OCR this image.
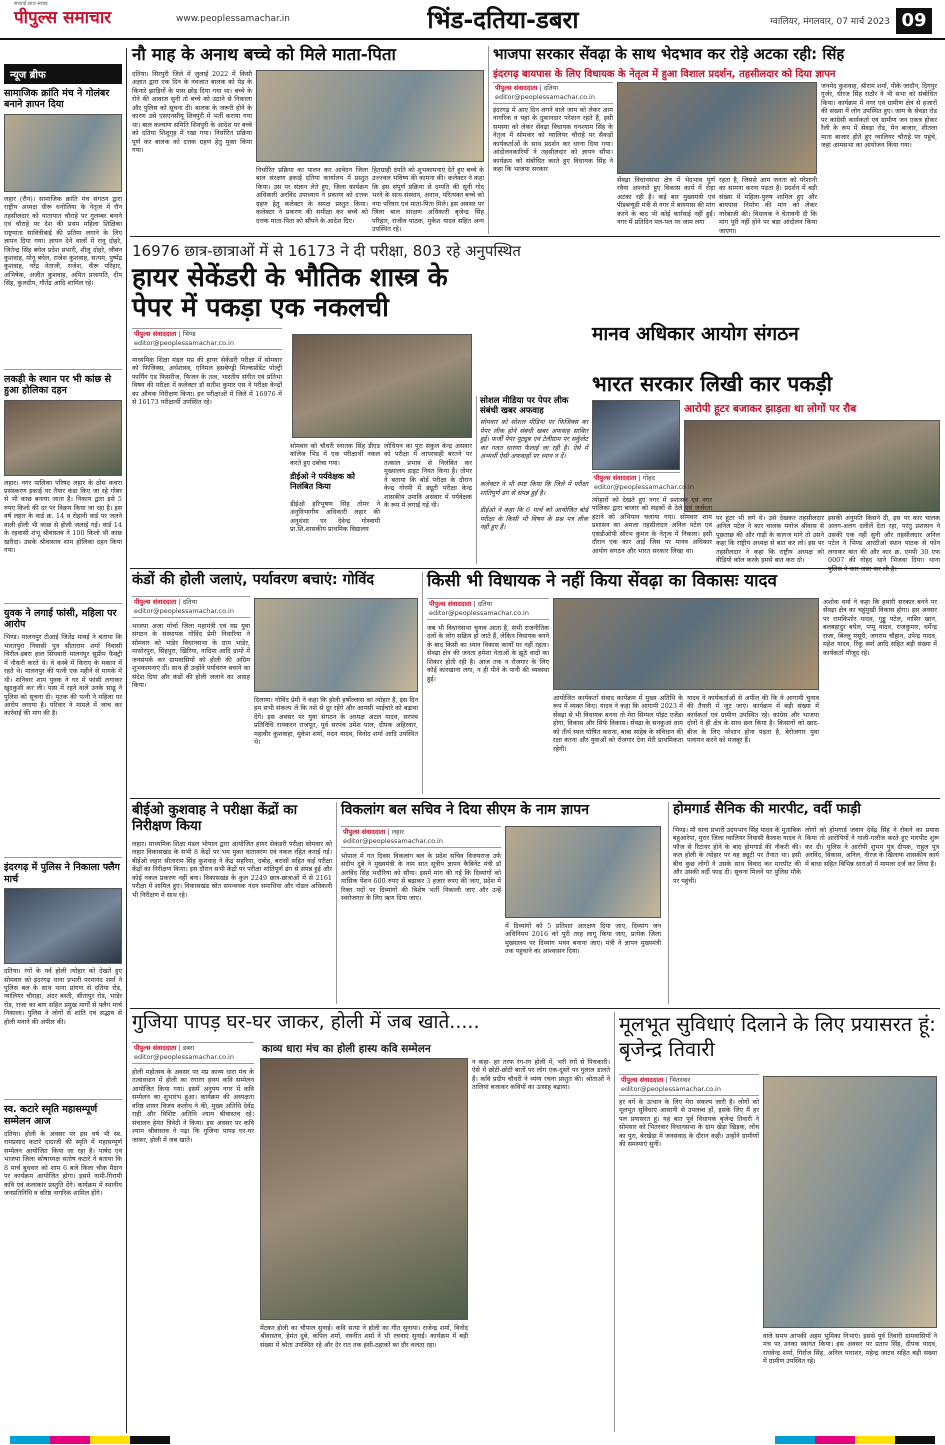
पीपुल्स समाचार
सच्चाई साथ सचाइ
www.peoplessamachar.in	भिंड-दतिया-डबरा	ग्वालियर, मंगलवार, 07 मार्च 2023 09
न्यूज ब्रीफ
सामाजिक क्रांति मंच ने गोलंबर बनाने ज्ञापन दिया
लहार (रौन)। सामाजिक क्रांति मंच संगठन द्वारा राष्ट्रीय अध्यक्ष धीरू धनोलिया के नेतृत्व में रौन तहसीलदार को यातायात चौराहे पर गुलम्बर बनाने एवं चौराहे पर देश की प्रथम महिला शिक्षिका राष्ट्रमाता सावित्रीबाई की प्रतिमा लगाने के लिए ज्ञापन दिया गया। ज्ञापन देने वालों में रानू दोहरे, जितेन्द्र सिंह बघेल प्रदेश प्रभारी, शीलू दोहरे, जीवन कुशवाह, मोनू बघेल, राजेश कुशवाह, सत्यम, पुष्पेंद्र कुशवाह, नरेंद्र नेताजी, राजेश, वीरू परिहार, अभिषेक, अजीत कुशवाह, अमित प्रजापति, दीप सिंह, कुलदीप, गौतेंद्र आदि शामिल रहे।
लकड़ी के स्थान पर भी कांछ से हुआ होलिका दहन
लहार। नगर पालिका परिषद लहार के ठोस कचरा प्रसंस्करण इकाई पर तैयार कंडा किए जा रहे गोबर से भी काछ बनाया जाता है। निकाय द्वारा इसे 5 रुपए किलो की दर पर विक्रय किया जा रहा है। इस वर्ष लहार के वार्ड क्र. 14 व रोहानी वार्ड पर जलने वाली होली भी काछ से होली जलाई गई। वार्ड 14 के रहवासी शंभू श्रीवास्तव ने 100 किलो भी काछ खरीदा। उसके श्रीवास्तव शाम होलिका दहन किया गया।
युवक ने लगाई फांसी, महिला पर आरोप
भिण्ड। मालनपुर टीआई जितेंद्र मावई ने बताया कि भारतपुरा निवासी पुत्र सीताराम शर्मा निवासी चिरौल-डबरा हाल सिंघवारी मालनपुर सुप्रीम फैक्ट्री में नौकरी करते थे। वे कस्बे में किराए के मकान में रहते थे। मालनपुर की पत्नी एक महीने से मायके में थी। शनिवार शाम युवक ने घर में फांसी लगाकर खुदकुशी कर ली। पास में रहने वाले उनके साढू ने पुलिस को सूचना दी। मृतक की पत्नी ने महिला पर आरोप लगाया है। परिवार ने मामले में जांच कर कार्रवाई की मांग की है।
इंदरगढ़ में पुलिस ने निकाला फ्लैग मार्च
दतिया। रंगों के पर्व होली त्योहार को देखते हुए सोमवार को इंदरगढ़ थाना प्रभारी परमानंद शर्मा ने पुलिस बल के साथ थाना प्रांगण से दतिया रोड, ग्वालियर चौराहा, अंदर बस्ती, सीतापुर रोड, भांडेर रोड, राजा का बाग सहित प्रमुख मार्गों से फ्लैग मार्च निकाला। पुलिस ने लोगों से शांति एवं सद्भाव से होली मनाने की अपील की।
स्व. कटारे स्मृति महासम्पूर्ण सम्मेलन आज
दतिया। होली के अवसर पर इस वर्ष भी स्व. रामप्रसाद कटारे दादाजी की स्मृति में महासम्पूर्ण सम्मेलन आयोजित किया जा रहा है। पार्षद एवं भाजपा जिला कोषाध्यक्ष संतोष कटारे ने बताया कि 8 मार्च बुधवार को शाम 6 बजे किला चौक मैदान पर कार्यक्रम आयोजित होगा। इसमें नामी-गिरामी कवि एवं कलाकार प्रस्तुति देंगे। कार्यक्रम में स्थानीय जनप्रतिनिधि व वरिष्ठ नागरिक शामिल होंगे।
नौ माह के अनाथ बच्चे को मिले माता-पिता
दतिया। सिरपुरी जिले में जुलाई 2022 में किसी अज्ञात द्वारा एक दिन के नवजात बालक को पेड़ के किनारे झाड़ियों के पास छोड़ दिया गया था। बच्चे के रोने की आवाज सुनी तो बच्चे को उठाने से निकाला और पुलिस को सूचना दी। बालक के जरूरी होने के कारण उसे एसएनसीयू शिवपुरी में भर्ती कराया गया था। बाल कल्याण समिति शिवपुरी के आदेश पर बच्चे को दतिया शिशुगृह में रखा गया। निर्धारित प्रक्रिया पूर्ण कर बालक को दत्तक ग्रहण हेतु मुक्त किया गया।
निर्धारित प्रक्रिया का पालन कर आवेदन जिला बाल संरक्षण इकाई दतिया कार्यालय में प्रस्तुत किया। उस पर संज्ञान लेते हुए, जिला कार्यक्रम अधिकारी अरविंद उपाध्याय ने प्रकरण को दत्तक ग्रहण हेतु कलेक्टर के समक्ष प्रस्तुत किया। कलेक्टर ने प्रकरण की समीक्षा कर बच्चे को दत्तक माता-पिता को सौंपने के आदेश दिए।
हितग्राही दंपति को शुभकामनाएं देते हुए बच्चे के उज्ज्वल भविष्य की कामना की। कलेक्टर ने कहा कि इस संपूर्ण प्रक्रिया से दम्पति की सूनी गोद भरने के साथ संस्थान, अनाथ, परित्यक्त बच्चे को नया परिवार एवं माता-पिता मिले। इस अवसर पर जिला बाल संरक्षण अधिकारी बृजेन्द्र सिंह परिहार, राजीव पाठक, मुकेश यादव सहित अन्य उपस्थित रहे।
भाजपा सरकार सेंवढ़ा के साथ भेदभाव कर रोड़े अटका रही: सिंह
इंदरगढ़ बायपास के लिए विधायक के नेतृत्व में हुआ विशाल प्रदर्शन, तहसीलदार को दिया ज्ञापन
पीपुल्स संवाददाता | दतिया
editor@peoplessamachar.co.in
इंदरगढ़ में आए दिन लगने वाले जाम को लेकर आम नागरिक व यहां के दुकानदार परेशान रहते हैं, इसी समस्या को लेकर सेंवढ़ा विधायक घनश्याम सिंह के नेतृत्व में सोमवार को ग्वालियर चौराहे पर सैकड़ों कार्यकर्ताओं के साथ प्रदर्शन कर धरना दिया गया। आंदोलनकारियों ने तहसीलदार को ज्ञापन सौंपा। कार्यक्रम को संबोधित करते हुए विधायक सिंह ने कहा कि भाजपा सरकार
सेंवढ़ा विधानसभा क्षेत्र में भेदभाव पूर्ण रवैया अपनाते हुए विकास कार्य में रोड़ा अटका रही है। कई बार मुख्यमंत्री एवं पीडब्ल्यूडी मंत्री से नगर में बायपास की मांग करने के बाद भी कोई कार्रवाई नहीं हुई। नगर में प्रतिदिन पल-पल पर जाम लगा
रहता है, जिससे आम जनता को परेशानी का सामना करना पड़ता है। प्रदर्शन में बड़ी संख्या में महिला-पुरुष शामिल हुए और बायपास निर्माण की मांग को लेकर नारेबाजी की। विधायक ने चेतावनी दी कि मांग पूरी नहीं होने पर बड़ा आंदोलन किया जाएगा।
जनमेद कुशवाह, श्रीराम शर्मा, पीके जादौन, दिगपुर गुर्जर, धीरज सिंह राठौर ने भी सभा को संबोधित किया। कार्यक्रम में नगर एवं ग्रामीण क्षेत्र से हजारों की संख्या में लोग उपस्थित हुए। जाम के सेवड़ा रोड पर कांग्रेसी कार्यकर्ता एवं ग्रामीण जन एकत्र होकर रैली के रूप में सेवड़ा रोड, मेन बाजार, शीतला माता बाजार होते हुए ग्वालियर चौराहे पर पहुंचे, जहां आमसभा का आयोजन किया गया।
16976 छात्र-छात्राओं में से 16173 ने दी परीक्षा, 803 रहे अनुपस्थित
हायर सेकेंडरी के भौतिक शास्त्र के पेपर में पकड़ा एक नकलची
पीपुल्स संवाददाता | भिण्ड
editor@peoplessamachar.co.in
माध्यमिक शिक्षा मंडल मप्र की हायर सेकेंडरी परीक्षा में सोमवार को फिजिक्स, अर्थशास्त्र, एनिमल हसबेण्ड्री मिल्कप्रोडेट पोल्ट्री फार्मिंग एंड फिसरीज, फिजन के तत्व, भारतीय संगीत एवं प्रतिभा विषय की परीक्षा में कलेक्टर डॉ सतीश कुमार एस ने परीक्षा केन्द्रों का औचक निरीक्षण किया। इन परीक्षाओं में जिले में 16976 में से 16173 परीक्षार्थी उपस्थित रहे।
सोमवार को चौधरी स्नातक सिंह डीएड कॉलेज भिंड में एक परीक्षार्थी नकल करते हुए दबोचा गया।
डीईओ ने पर्यवेक्षक को निलंबित किया
डीईओ हरिभूषण सिंह तोमर ने अनुविभागीय अधिकारी लहार की अनुशंसा पर देवेन्द्र गोस्वामी प्रा.शि.शासकीय प्राथमिक विद्यालय
लोधियन का पुरा संकुल केन्द्र असवार को परीक्षा में लापरवाही बरतने पर तत्काल प्रभाव से निलंबित कर मुख्यालय डाइट नियत किया है। तोमर ने बताया कि बोर्ड परीक्षा के दौरान केन्द्र गोरमी में ड्यूटी परीक्षा केन्द्र शासकीय उमावि असवार में पर्यवेक्षक के रूप में लगाई गई थी।
सोशल मीडिया पर पेपर लीक संबंधी खबर अफवाह
सोमवार को सोशल मीडिया पर फिजिक्स का पेपर लीक होने संबंधी खबर अफवाह साबित हुई। फर्जी पेपर यूट्यूब एवं टेलीग्राम पर सर्कुलेट कर गलत धारणा फैलाई जा रही है। ऐसे में अभ्यर्थी ऐसी अफवाहों पर ध्यान न दें।
कलेक्टर ने भी स्पष्ट किया कि जिले में परीक्षा शांतिपूर्ण ढंग से संपन्न हुई है।
डीईओ ने कहा कि 6 मार्च को आयोजित बोर्ड परीक्षा के किसी भी विषय के प्रश्न पत्र लीक नहीं हुए हैं।
मानव अधिकार आयोग संगठन
भारत सरकार लिखी कार पकड़ी
आरोपी हूटर बजाकर झाड़ता था लोगों पर रौब
पीपुल्स संवाददाता | गोहद
editor@peoplessamachar.co.in
त्योहारों को देखते हुए नगर में प्रशासन एवं नगर पालिका द्वारा बाजार को सड़कों से ठेले एवं जर्जरता हटाने को अभियान चलाया गया। सोमवार शाम प्रशासन का अमला तहसीलदार अनिल पटेल एवं एसडीओपी सौरभ कुमार के नेतृत्व में निकला। इसी दौरान एक कार आई जिस पर मानव अधिकार आयोग संगठन और भारत सरकार लिखा था।
पर हूटर भी लगे थे। उसे देखकर तहसीलदार अनिल पटेल ने कार चालक मनोज श्रीवास से पूछताछ की और गाड़ी के कागज मांगे तो उसने कहा कि राष्ट्रीय अध्यक्ष से बात कर लो। इस पर तहसीलदार ने कहा कि राष्ट्रीय अध्यक्ष को वीडियो कॉल करके हमसे बात करा दो।
इसकी अनुमति किसने दी, इस पर कार चालक अलग-अलग दलीलें देता रहा, परंतु प्रशासन ने उसकी एक नहीं सुनी और तहसीलदार अनिल पटेल ने भिण्ड आरटीओ स्थान पाठक से फोन लगाकर बात की और कार क्र. एमपी 30 एफ 0007 की गोहद थाने भिजवा दिया। थाना
कंडों की होली जलाएं, पर्यावरण बचाएं: गोविंद
पीपुल्स संवाददाता | दतिया
editor@peoplessamachar.co.in
भाजपा अजा मोर्चा जिला महामंत्री एवं मप्र युवा संगठन के संस्थापक गोविंद प्रेमी निवारिया ने सोमवार को भांडेर विधानसभा के ग्राम भांडेर, मासोरपुरा, सिंहपुरा, खिरिया, नादिया आदि ग्रामों में जनसंपर्क कर ग्रामवासियों को होली की अग्रिम शुभकामनाएं दीं। साथ ही उन्होंने पर्यावरण बचाने का संदेश दिया और कंडों की होली जलाने का आग्रह किया।
दिलाया। गोविंद प्रेमी ने कहा कि होली हर्षोल्लास का त्योहार है, इस दिन हम सभी संकल्प लें कि नशे से दूर रहेंगे और आपसी भाईचारे को बढ़ावा देंगे। इस अवसर पर युवा संगठन के अध्यक्ष अटल यादव, सरपंच प्रतिनिधि रामकरन राजपूत, पूर्व सरपंच उमेश पाल, दीपक अहिरवार, महावीर कुशवाहा, मुकेश शर्मा, मदन यादव, विनोद शर्मा आदि उपस्थित थे।
किसी भी विधायक ने नहीं किया सेंवढ़ा का विकासः यादव
पीपुल्स संवाददाता | दतिया
editor@peoplessamachar.co.in
जब भी विधानसभा चुनाव आता है, सभी राजनीतिक दलों के लोग सक्रिय हो जाते हैं, लेकिन विधायक बनने के बाद किसी का ध्यान विकास कार्यों पर नहीं रहता। सेंवढ़ा क्षेत्र की जनता हमेशा नेताओं के झूठे वादों का शिकार होती रही है। आज तक न रोजगार के लिए कोई कारखाना लगा, न ही पीने के पानी की व्यवस्था हुई।
आयोजित कार्यकर्ता संवाद कार्यक्रम में मुख्य अतिथि के रूप में व्यक्त किए। यादव ने कहा कि आगामी 2023 में सेंवढ़ा से भी विधायक बनना तो मेरा सिम्पल पॉइंट एजेंडा होगा, विकास और सिर्फ विकास। सेंवढ़ा के सनकुआं धाम को तीर्थ स्थल घोषित कराना, बाबा साहेब के संविधान की रक्षा करना और युवाओं को रोजगार देना मेरी प्राथमिकता रहेगी।
यादव ने कार्यकर्ताओं से अपील की कि वे आगामी चुनाव की तैयारी में जुट जाएं। कार्यक्रम में बड़ी संख्या में कार्यकर्ता एवं ग्रामीण उपस्थित रहे। कांग्रेस और भाजपा दोनों ने ही क्षेत्र के साथ छल किया है। किसानों को खाद-बीज के लिए परेशान होना पड़ता है, बेरोजगार युवा पलायन करने को मजबूर हैं।
अशोक वर्मा ने कहा कि हमारी सरकार बनने पर सेंवढ़ा क्षेत्र का चहुंमुखी विकास होगा। इस अवसर पर रामकिशोर यादव, गुड्डू पटेल, नासिर खान, बलबहादुर बघेल, पप्पू यादव, राजकुमार, धर्मेन्द्र राजा, बिल्लू मंसूरी, जगराम चौहान, उपेन्द्र यादव, महेश यादव, रिंकू वर्मा आदि सहित बड़ी संख्या में कार्यकर्ता मौजूद रहे।
बीईओ कुशवाह ने परीक्षा केंद्रों का निरीक्षण किया
लहार। माध्यमिक शिक्षा मंडल भोपाल द्वारा आयोजित हायर सेकंडरी परीक्षा सोमवार को लहार विकासखंड के सभी 8 केंद्रों पर भय मुक्त वातावरण एवं नकल रहित कराई गई। बीईओ लहार सीताराम सिंह कुशवाह ने केंद्र सहरिया, दबोह, बरासों सहित कई परीक्षा केंद्रों का निरीक्षण किया। इस दौरान सभी केंद्रों पर परीक्षा शांतिपूर्ण ढंग से संपन्न हुई और कोई नकल प्रकरण नहीं बना। विकासखंड के कुल 2249 छात्र-छात्राओं में से 2161 परीक्षा में शामिल हुए। विकासखंड स्रोत समन्वयक नंदन समाधिया और नोडल अधिकारी भी निरीक्षण में साथ रहे।
विकलांग बल सचिव ने दिया सीएम के नाम ज्ञापन
पीपुल्स संवाददाता | लहार
editor@peoplessamachar.co.in
भोपाल में गत दिवस विकलांग बल के प्रदेश सचिव विजयराज उर्फ संदीप दुबे ने मुख्यमंत्री के नाम सात सूत्रीय ज्ञापन कैबिनेट मंत्री डॉ अरविंद सिंह भदौरिया को सौंपा। इसमें मांग की गई कि दिव्यांगों को मासिक पेंशन 600 रुपए से बढ़ाकर 3 हजार रुपए की जाए, प्रदेश में रिक्त पदों पर दिव्यांगों की विशेष भर्ती निकाली जाए और उन्हें स्वरोजगार के लिए ऋण दिया जाए।
में दिव्यांगों को 5 प्रतिशत आरक्षण दिया जाए, दिव्यांग जन अधिनियम 2016 को पूरी तरह लागू किया जाए, प्रत्येक जिला मुख्यालय पर दिव्यांग भवन बनाया जाए। मंत्री ने ज्ञापन मुख्यमंत्री तक पहुंचाने का आश्वासन दिया।
होमगार्ड सैनिक की मारपीट, वर्दी फाड़ी
भिण्ड। मौ थाना प्रभारी उदयभान सिंह यादव के मुताबिक बहुआरेपा, मुरार जिला ग्वालियर निवासी कैलाश यादव ने फौज से रिटायर होने के बाद होमगार्ड की नौकरी की। कल होली के त्योहार पर वह ड्यूटी पर तैनात था। इसी बीच कुछ लोगों ने उसके साथ विवाद कर मारपीट की और उसकी वर्दी फाड़ दी। सूचना मिलने पर पुलिस मौके पर पहुंची।
लोगों को होमगार्ड जवान देवेंद्र सिंह ने रोकने का प्रयास किया तो आरोपियों ने गाली-गलौज करते हुए मारपीट शुरू कर दी। पुलिस ने आरोपी शुभम पुत्र दीपक, राहुल पुत्र अरविंद, विकास, अनिल, नीरज के खिलाफ शासकीय कार्य में बाधा सहित विभिन्न धाराओं में मामला दर्ज कर लिया है।
गुजिया पापड़ घर-घर जाकर, होली में जब खाते.....
काव्य धारा मंच का होली हास्य कवि सम्मेलन
पीपुल्स संवाददाता | डबरा
editor@peoplessamachar.co.in
होली महोत्सव के अवसर पर मप्र काव्य धारा मंच के तत्वावधान में होली का रंगारंग हास्य कवि सम्मेलन आयोजित किया गया। इसमें अनुपम नगर में कवि सम्मेलन का शुभारंभ हुआ। कार्यक्रम की अध्यक्षता वरिष्ठ शायर विजय कलोथ ने की, मुख्य अतिथि देवेंद्र राही और विशिष्ट अतिथि श्याम श्रीवास्तव रहे। संचालन हेमंत त्रिवेदी ने किया। इस अवसर पर कवि श्याम श्रीवास्तव ने पढ़ा कि गुजिया पापड़ घर-घर जाकर, होली में जब खाते।
मेंटकर होली का चौपाल सुनाई। कवि सत्या ने होली का गीत सुनाया। राजेन्द्र शर्मा, विनोद श्रीवास्तव, हेमंत दुबे, कपिल शर्मा, नवनीत शर्मा ने भी रचनाएं सुनाईं। कार्यक्रम में बड़ी संख्या में श्रोता उपस्थित रहे और देर रात तक हंसी-ठहाकों का दौर चलता रहा।
न कहा- हर तरफ रंग-रंग होली में, भरी रंगों से पिचकारी। ऐसे में छोटी-छोटी बातों पर लोग एक-दूसरे पर गुलाल डालते हैं। कवि प्रदीप चौधरी ने व्यंग्य रचना प्रस्तुत की। श्रोताओं ने तालियां बजाकर कवियों का उत्साह बढ़ाया।
मूलभूत सुविधाएं दिलाने के लिए प्रयासरत हूं: बृजेन्द्र तिवारी
पीपुल्स संवाददाता | भितरवार
editor@peoplessamachar.co.in
हर वर्ग के उत्थान के लिए मेरा संकल्प जारी है। लोगों को मूलभूत सुविधाएं आसानी से उपलब्ध हों, इसके लिए मैं हर पल प्रयासरत हूं। यह बात पूर्व विधायक बृजेन्द्र तिवारी ने सोमवार को भितरवार विधानसभा के ग्राम खेड़ा खिड़क, लोंच का पुरा, बेरखेड़ा में जनसंवाद के दौरान कही। उन्होंने ग्रामीणों की समस्याएं सुनीं।
वाले समय आपकी अहम भूमिका निभाएं। इससे पूर्व तिवारी ग्रामवासियों ने मंच पर उनका स्वागत किया। इस अवसर पर प्रताप सिंह, दीपक यादव, राघवेन्द्र शर्मा, गिर्राज सिंह, अनिल पाराशर, महेन्द्र जाटव सहित बड़ी संख्या में ग्रामीण उपस्थित रहे।
